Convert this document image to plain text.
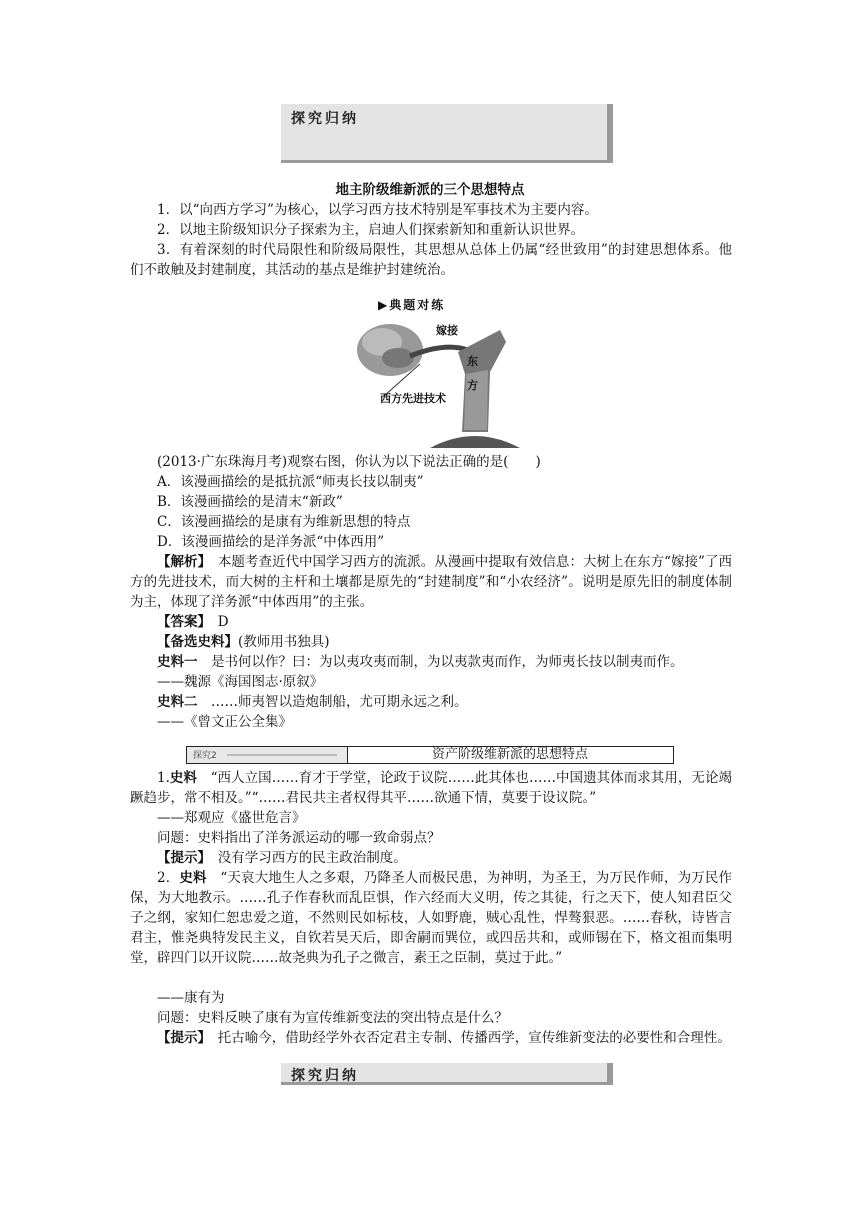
探究归纳
地主阶级维新派的三个思想特点
1．以“向西方学习”为核心，以学习西方技术特别是军事技术为主要内容。
2．以地主阶级知识分子探索为主，启迪人们探索新知和重新认识世界。
3．有着深刻的时代局限性和阶级局限性，其思想从总体上仍属“经世致用”的封建思想体系。他们不敢触及封建制度，其活动的基点是维护封建统治。
▶典题对练
嫁接
东方
西方先进技术
(2013·广东珠海月考)观察右图，你认为以下说法正确的是(　　)
A．该漫画描绘的是抵抗派“师夷长技以制夷”
B．该漫画描绘的是清末“新政”
C．该漫画描绘的是康有为维新思想的特点
D．该漫画描绘的是洋务派“中体西用”
【解析】　 本题考查近代中国学习西方的流派。从漫画中提取有效信息：大树上在东方“嫁接”了西方的先进技术，而大树的主杆和土壤都是原先的“封建制度”和“小农经济”。说明是原先旧的制度体制为主，体现了洋务派“中体西用”的主张。
【答案】　 D
【备选史料】(教师用书独具)
史料一　 是书何以作？曰：为以夷攻夷而制，为以夷款夷而作，为师夷长技以制夷而作。
——魏源《海国图志·原叙》
史料二　 ……师夷智以造炮制船，尤可期永远之利。
——《曾文正公全集》
探究2	资产阶级维新派的思想特点
1.史料　 “西人立国……育才于学堂，论政于议院……此其体也……中国遗其体而求其用，无论竭蹶趋步，常不相及。”“……君民共主者权得其平……欲通下情，莫要于设议院。”
——郑观应《盛世危言》
问题：史料指出了洋务派运动的哪一致命弱点？
【提示】　 没有学习西方的民主政治制度。
2．史料　 “天哀大地生人之多艰，乃降圣人而极民患，为神明，为圣王，为万民作师，为万民作保，为大地教示。……孔子作春秋而乱臣惧，作六经而大义明，传之其徒，行之天下，使人知君臣父子之纲，家知仁恕忠爱之道，不然则民如标枝，人如野鹿，贼心乱性，悍骜狠恶。……春秋，诗皆言君主，惟尧典特发民主义，自钦若昊天后，即舍嗣而巽位，或四岳共和，或师锡在下，格文祖而集明堂，辟四门以开议院……故尧典为孔子之微言，素王之臣制，莫过于此。”
——康有为
问题：史料反映了康有为宣传维新变法的突出特点是什么？
【提示】　 托古喻今，借助经学外衣否定君主专制、传播西学，宣传维新变法的必要性和合理性。
探究归纳
